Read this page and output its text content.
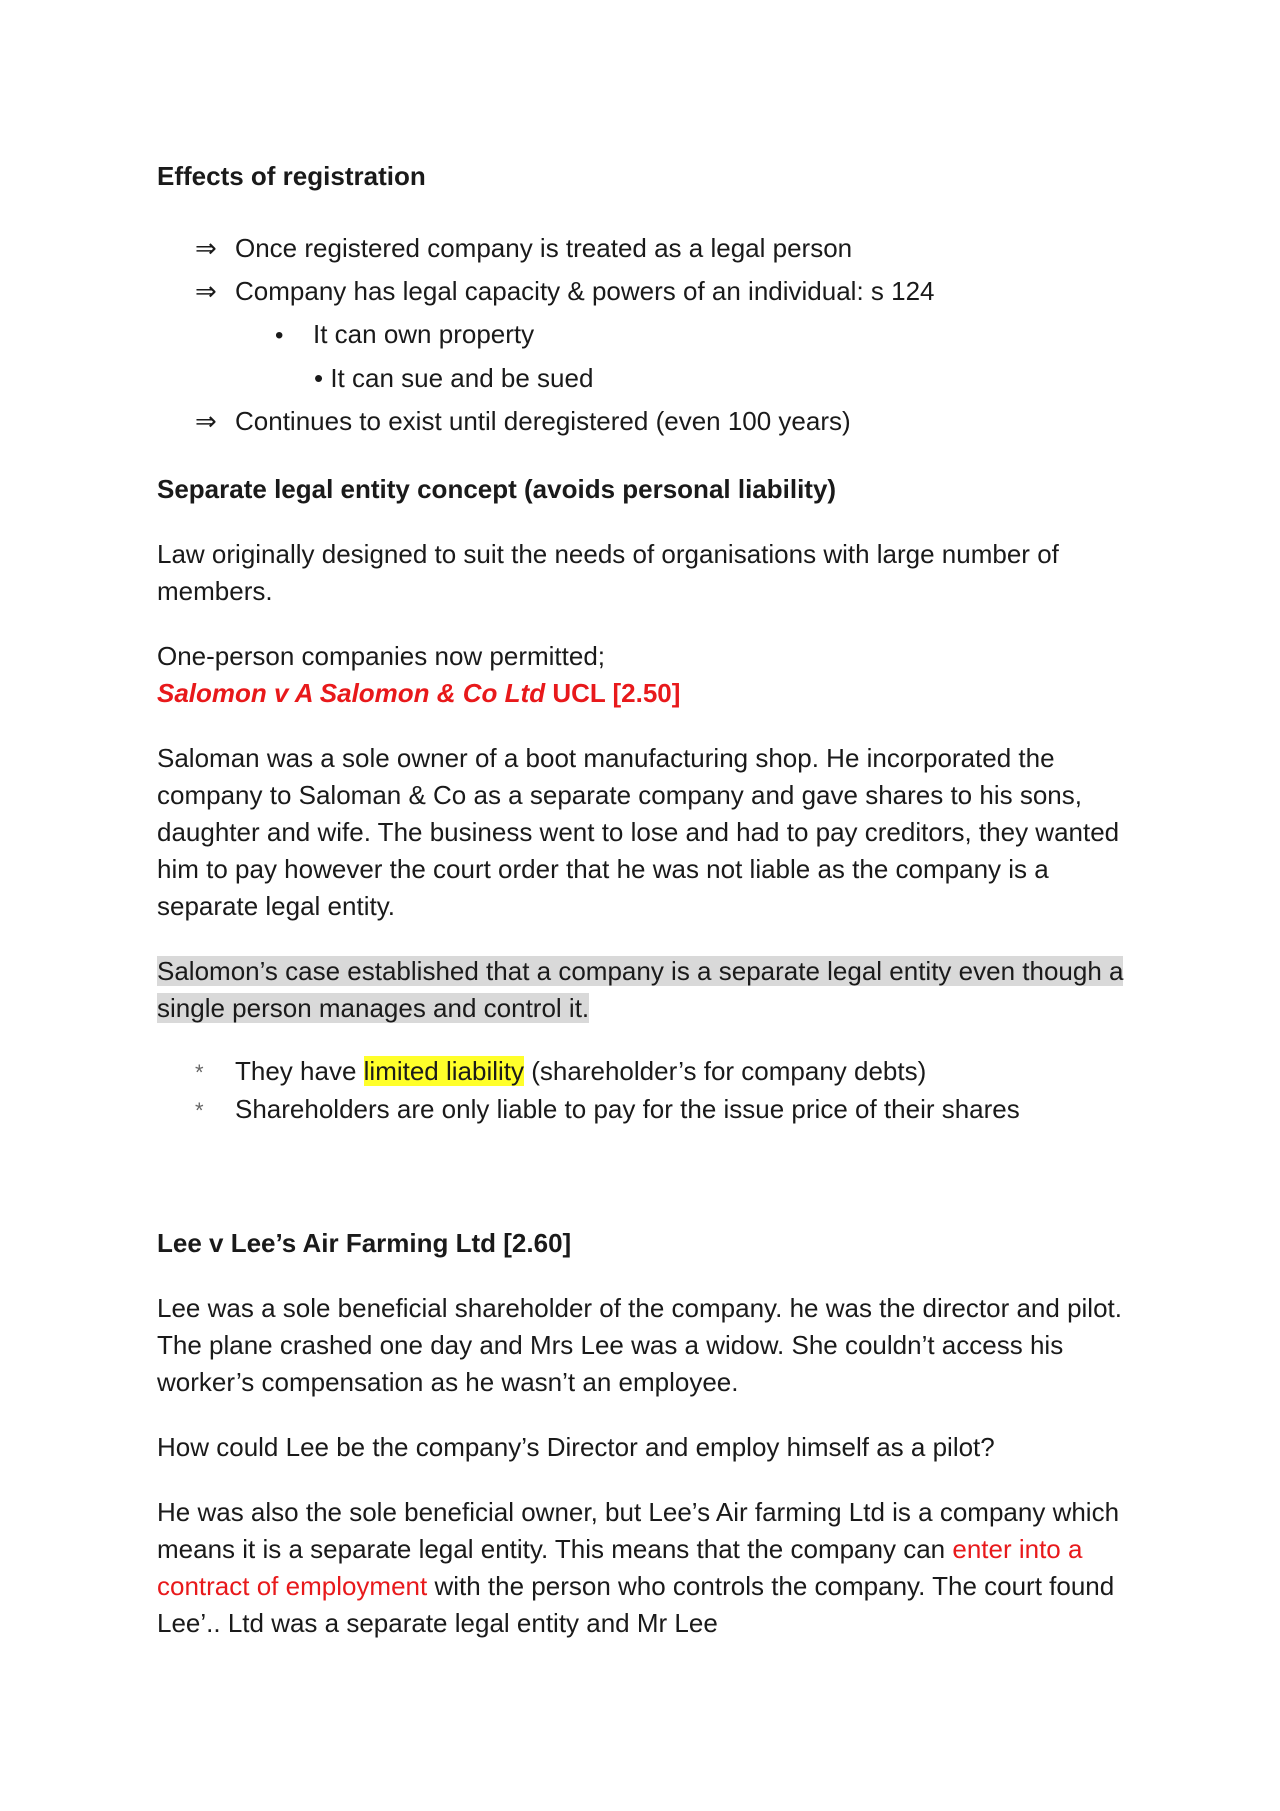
Effects of registration
⇒ Once registered company is treated as a legal person
⇒ Company has legal capacity & powers of an individual: s 124
•	It can own property
• It can sue and be sued
⇒ Continues to exist until deregistered (even 100 years)
Separate legal entity concept (avoids personal liability)

Law originally designed to suit the needs of organisations with large number of members.

One-person companies now permitted;
Salomon v A Salomon & Co Ltd UCL [2.50]

Saloman was a sole owner of a boot manufacturing shop. He incorporated the company to Saloman & Co as a separate company and gave shares to his sons, daughter and wife. The business went to lose and had to pay creditors, they wanted him to pay however the court order that he was not liable as the company is a separate legal entity.

Salomon’s case established that a company is a separate legal entity even though a single person manages and control it.

*	They have limited liability (shareholder’s for company debts)
*	Shareholders are only liable to pay for the issue price of their shares
Lee v Lee’s Air Farming Ltd [2.60]

Lee was a sole beneficial shareholder of the company. he was the director and pilot. The plane crashed one day and Mrs Lee was a widow. She couldn’t access his worker’s compensation as he wasn’t an employee.

How could Lee be the company’s Director and employ himself as a pilot?

He was also the sole beneficial owner, but Lee’s Air farming Ltd is a company which means it is a separate legal entity. This means that the company can enter into a contract of employment with the person who controls the company. The court found Lee’.. Ltd was a separate legal entity and Mr Lee
